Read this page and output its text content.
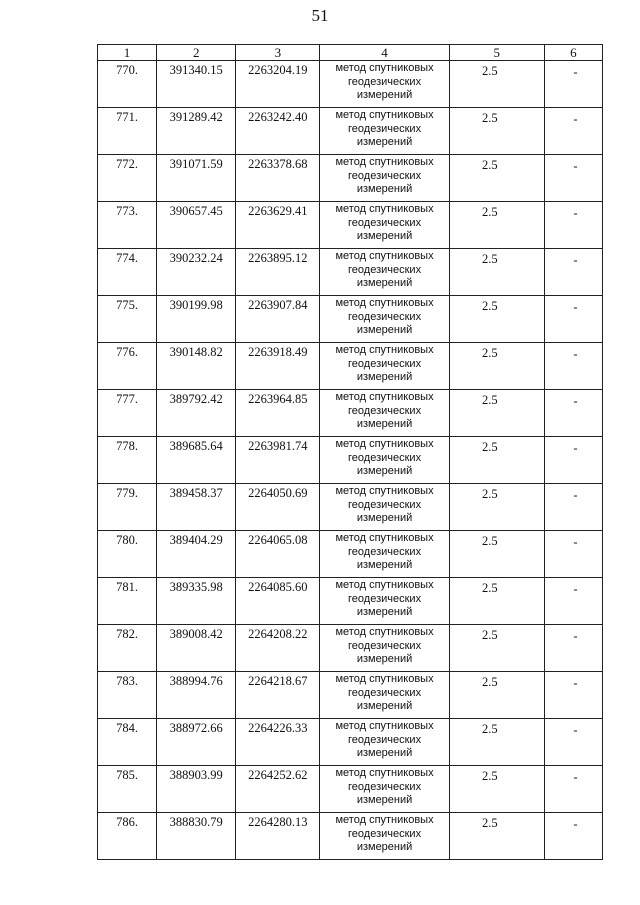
51
1	2	3	4	5	6
770.	391340.15	2263204.19	метод спутниковых геодезических измерений	2.5	-
771.	391289.42	2263242.40	метод спутниковых геодезических измерений	2.5	-
772.	391071.59	2263378.68	метод спутниковых геодезических измерений	2.5	-
773.	390657.45	2263629.41	метод спутниковых геодезических измерений	2.5	-
774.	390232.24	2263895.12	метод спутниковых геодезических измерений	2.5	-
775.	390199.98	2263907.84	метод спутниковых геодезических измерений	2.5	-
776.	390148.82	2263918.49	метод спутниковых геодезических измерений	2.5	-
777.	389792.42	2263964.85	метод спутниковых геодезических измерений	2.5	-
778.	389685.64	2263981.74	метод спутниковых геодезических измерений	2.5	-
779.	389458.37	2264050.69	метод спутниковых геодезических измерений	2.5	-
780.	389404.29	2264065.08	метод спутниковых геодезических измерений	2.5	-
781.	389335.98	2264085.60	метод спутниковых геодезических измерений	2.5	-
782.	389008.42	2264208.22	метод спутниковых геодезических измерений	2.5	-
783.	388994.76	2264218.67	метод спутниковых геодезических измерений	2.5	-
784.	388972.66	2264226.33	метод спутниковых геодезических измерений	2.5	-
785.	388903.99	2264252.62	метод спутниковых геодезических измерений	2.5	-
786.	388830.79	2264280.13	метод спутниковых геодезических измерений	2.5	-
